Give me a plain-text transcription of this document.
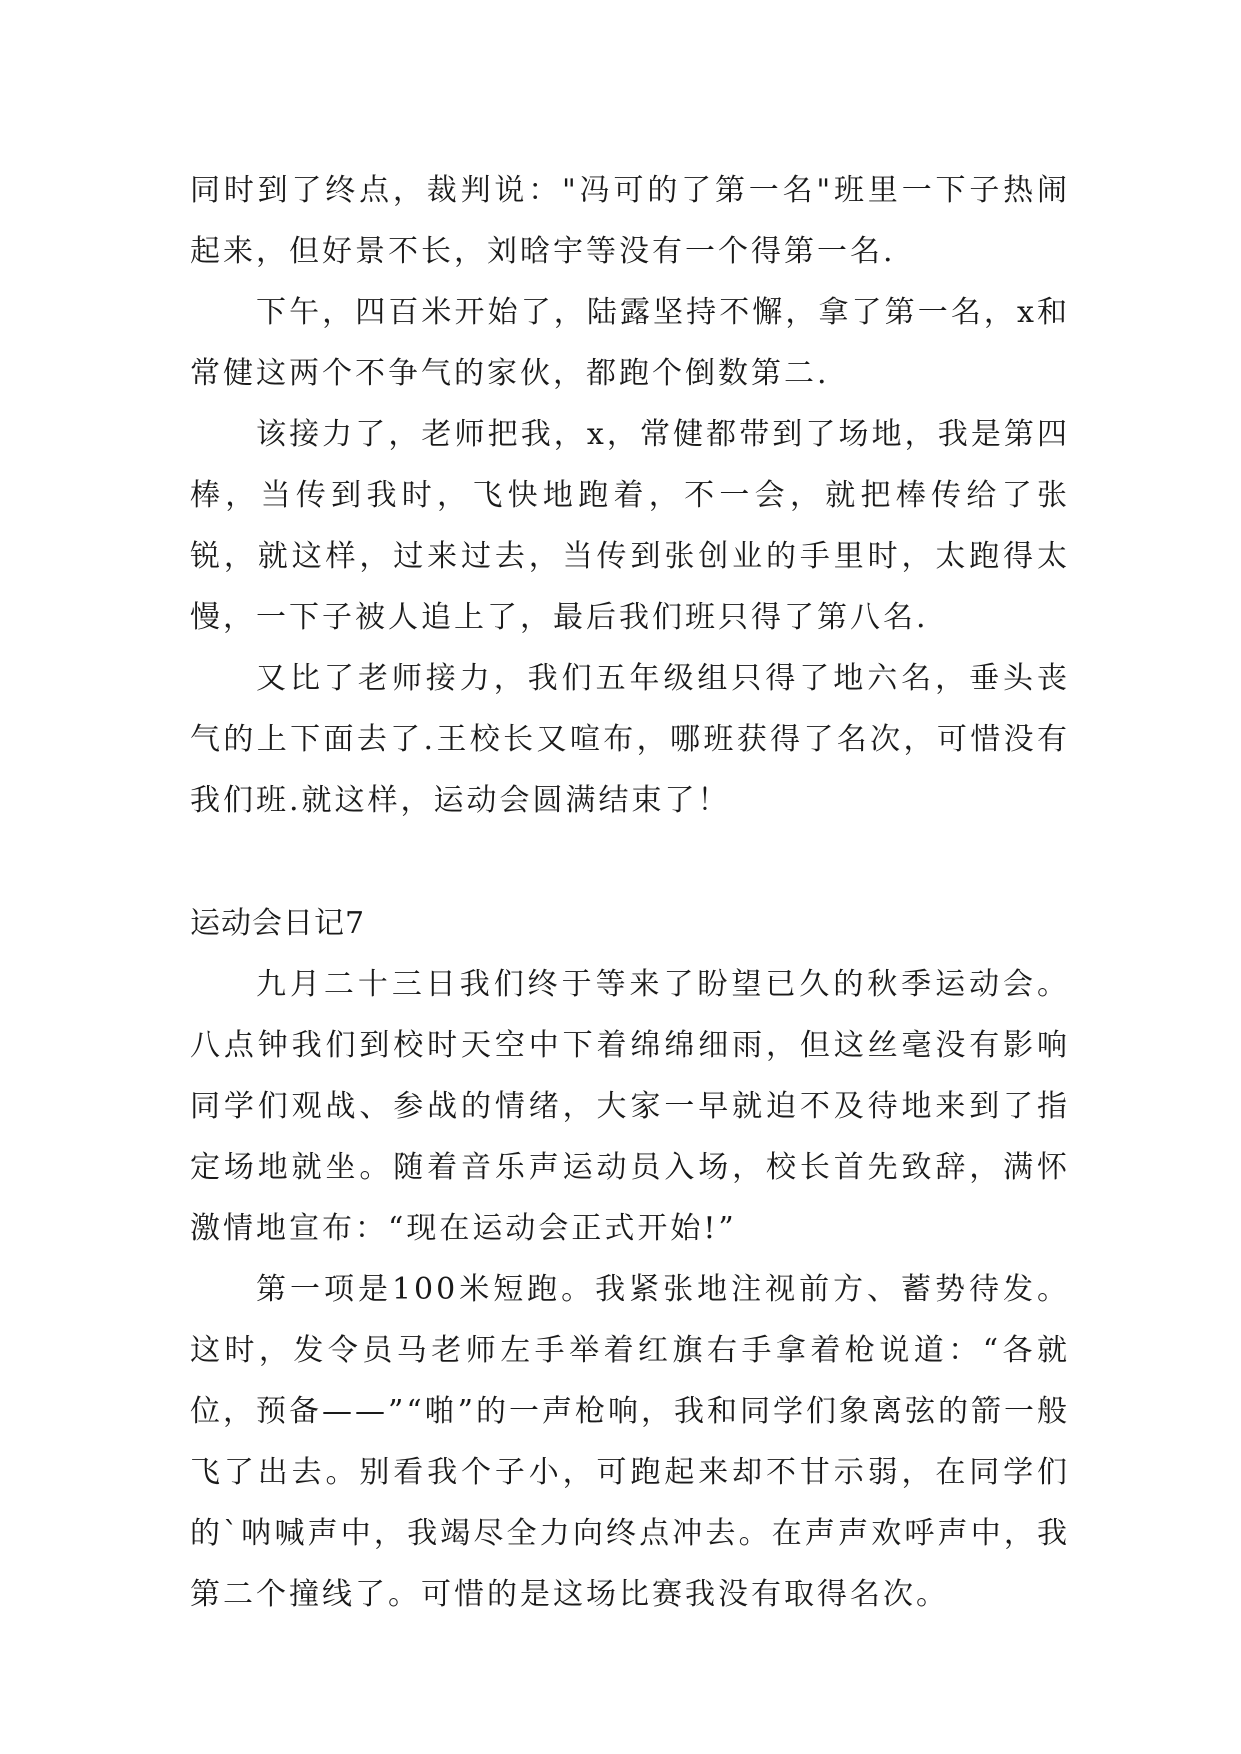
同时到了终点，裁判说："冯可的了第一名"班里一下子热闹起来，但好景不长，刘晗宇等没有一个得第一名.

下午，四百米开始了，陆露坚持不懈，拿了第一名，x和常健这两个不争气的家伙，都跑个倒数第二.

该接力了，老师把我，x，常健都带到了场地，我是第四棒，当传到我时，飞快地跑着，不一会，就把棒传给了张锐，就这样，过来过去，当传到张创业的手里时，太跑得太慢，一下子被人追上了，最后我们班只得了第八名.

又比了老师接力，我们五年级组只得了地六名，垂头丧气的上下面去了.王校长又喧布，哪班获得了名次，可惜没有我们班.就这样，运动会圆满结束了！

运动会日记7

九月二十三日我们终于等来了盼望已久的秋季运动会。八点钟我们到校时天空中下着绵绵细雨，但这丝毫没有影响同学们观战、参战的情绪，大家一早就迫不及待地来到了指定场地就坐。随着音乐声运动员入场，校长首先致辞，满怀激情地宣布：“现在运动会正式开始!”

第一项是100米短跑。我紧张地注视前方、蓄势待发。这时，发令员马老师左手举着红旗右手拿着枪说道：“各就位，预备——”“啪”的一声枪响，我和同学们象离弦的箭一般飞了出去。别看我个子小，可跑起来却不甘示弱，在同学们的`呐喊声中，我竭尽全力向终点冲去。在声声欢呼声中，我第二个撞线了。可惜的是这场比赛我没有取得名次。
